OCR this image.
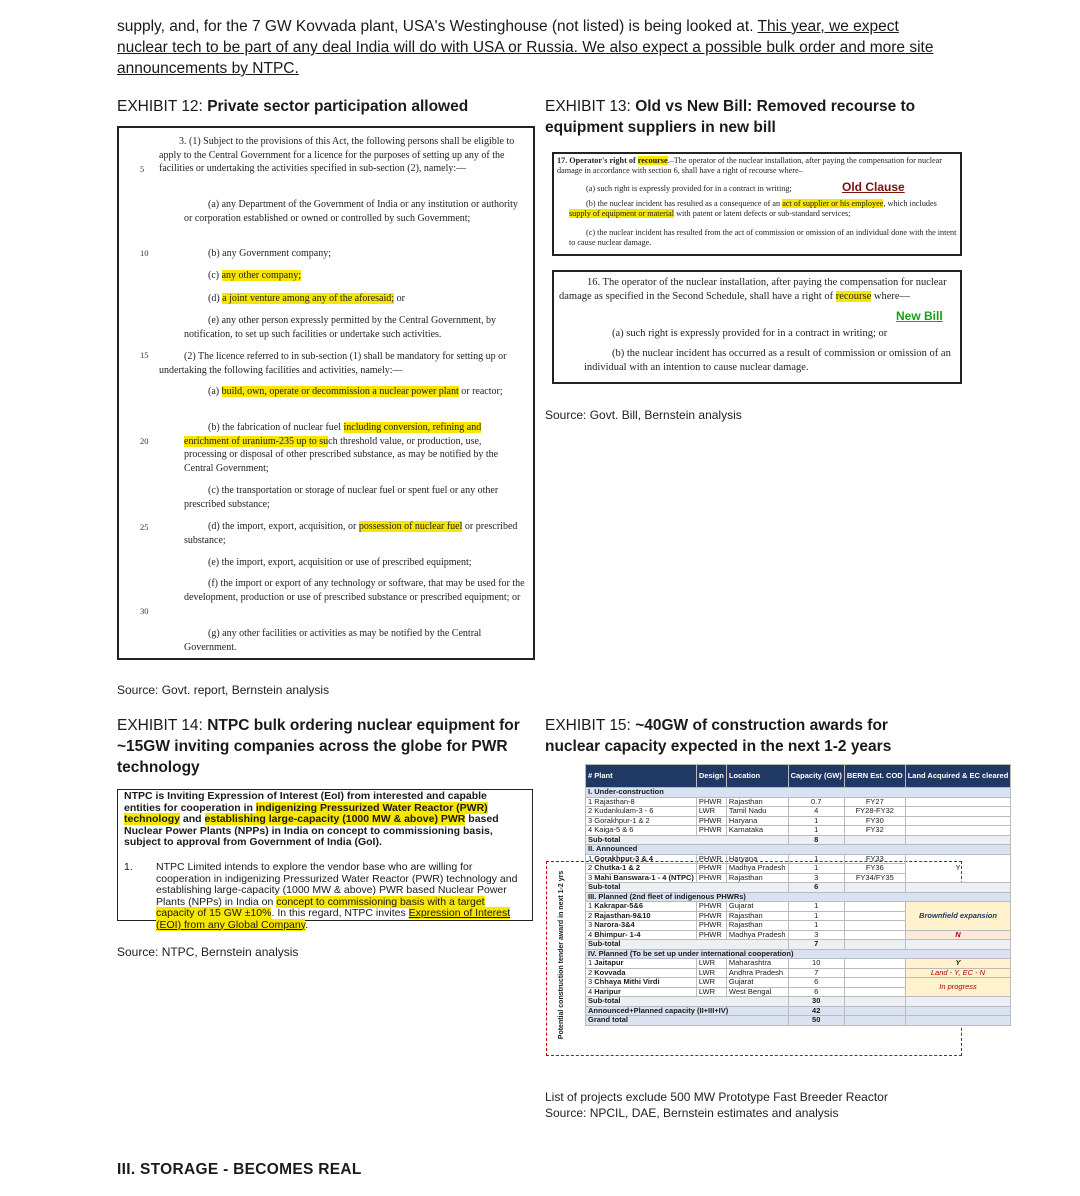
supply, and, for the 7 GW Kovvada plant, USA's Westinghouse (not listed) is being looked at. This year, we expect nuclear tech to be part of any deal India will do with USA or Russia. We also expect a possible bulk order and more site announcements by NTPC.
EXHIBIT 12: Private sector participation allowed
5
10
15
20
25
30

3. (1) Subject to the provisions of this Act, the following persons shall be eligible to apply to the Central Government for a licence for the purposes of setting up any of the facilities or undertaking the activities specified in sub-section (2), namely:—

(a) any Department of the Government of India or any institution or authority or corporation established or owned or controlled by such Government;

(b) any Government company;

(c) any other company;

(d) a joint venture among any of the aforesaid; or

(e) any other person expressly permitted by the Central Government, by notification, to set up such facilities or undertake such activities.

(2) The licence referred to in sub-section (1) shall be mandatory for setting up or undertaking the following facilities and activities, namely:—

(a) build, own, operate or decommission a nuclear power plant or reactor;

(b) the fabrication of nuclear fuel including conversion, refining and enrichment of uranium-235 up to such threshold value, or production, use, processing or disposal of other prescribed substance, as may be notified by the Central Government;

(c) the transportation or storage of nuclear fuel or spent fuel or any other prescribed substance;

(d) the import, export, acquisition, or possession of nuclear fuel or prescribed substance;

(e) the import, export, acquisition or use of prescribed equipment;

(f) the import or export of any technology or software, that may be used for the development, production or use of prescribed substance or prescribed equipment; or

(g) any other facilities or activities as may be notified by the Central Government.

Source: Govt. report, Bernstein analysis
EXHIBIT 13: Old vs New Bill: Removed recourse to equipment suppliers in new bill
17. Operator's right of recourse.–The operator of the nuclear installation, after paying the compensation for nuclear damage in accordance with section 6, shall have a right of recourse where–
(a) such right is expressly provided for in a contract in writing;	Old Clause
(b) the nuclear incident has resulted as a consequence of an act of supplier or his employee, which includes supply of equipment or material with patent or latent defects or sub-standard services;
(c) the nuclear incident has resulted from the act of commission or omission of an individual done with the intent to cause nuclear damage.
16. The operator of the nuclear installation, after paying the compensation for nuclear damage as specified in the Second Schedule, shall have a right of recourse where—
New Bill
(a) such right is expressly provided for in a contract in writing; or
(b) the nuclear incident has occurred as a result of commission or omission of an individual with an intention to cause nuclear damage.
Source: Govt. Bill, Bernstein analysis
EXHIBIT 14: NTPC bulk ordering nuclear equipment for ~15GW inviting companies across the globe for PWR technology
NTPC is Inviting Expression of Interest (EoI) from interested and capable entities for cooperation in indigenizing Pressurized Water Reactor (PWR) technology and establishing large-capacity (1000 MW & above) PWR based Nuclear Power Plants (NPPs) in India on concept to commissioning basis, subject to approval from Government of India (GoI).
1. NTPC Limited intends to explore the vendor base who are willing for cooperation in indigenizing Pressurized Water Reactor (PWR) technology and establishing large-capacity (1000 MW & above) PWR based Nuclear Power Plants (NPPs) in India on concept to commissioning basis with a target capacity of 15 GW ±10%. In this regard, NTPC invites Expression of Interest (EOI) from any Global Company.
Source: NTPC, Bernstein analysis
EXHIBIT 15: ~40GW of construction awards for nuclear capacity expected in the next 1-2 years
Potential construction tender award in next 1-2 yrs
# Plant	Design	Location	Capacity (GW)	BERN Est. COD	Land Acquired & EC cleared
I. Under-construction					
1 Rajasthan-8	PHWR	Rajasthan	0.7	FY27	
2 Kudankulam-3 - 6	LWR	Tamil Nadu	4	FY28-FY32	
3 Gorakhpur-1 & 2	PHWR	Haryana	1	FY30	
4 Kaiga-5 & 6	PHWR	Karnataka	1	FY32	
Sub-total			8		
II. Announced					
1 Gorakhpur-3 & 4	PHWR	Haryana	1	FY33	Y
2 Chutka-1 & 2	PHWR	Madhya Pradesh	1	FY36	
3 Mahi Banswara-1 - 4 (NTPC)	PHWR	Rajasthan	3	FY34/FY35	
Sub-total			6		
III. Planned (2nd fleet of indigenous PHWRs)					
1 Kakrapar-5&6	PHWR	Gujarat	1		Brownfield expansion
2 Rajasthan-9&10	PHWR	Rajasthan	1		
3 Narora-3&4	PHWR	Rajasthan	1		
4 Bhimpur- 1-4	PHWR	Madhya Pradesh	3		N
Sub-total			7		
IV. Planned (To be set up under international cooperation)					
1 Jaitapur	LWR	Maharashtra	10		Y
2 Kovvada	LWR	Andhra Pradesh	7		Land - Y, EC - N
3 Chhaya Mithi Virdi	LWR	Gujarat	6		In progress
4 Haripur	LWR	West Bengal	6		
Sub-total			30		
Announced+Planned capacity (II+III+IV)			42		
Grand total			50		
List of projects exclude 500 MW Prototype Fast Breeder Reactor
Source: NPCIL, DAE, Bernstein estimates and analysis
III. STORAGE - BECOMES REAL
